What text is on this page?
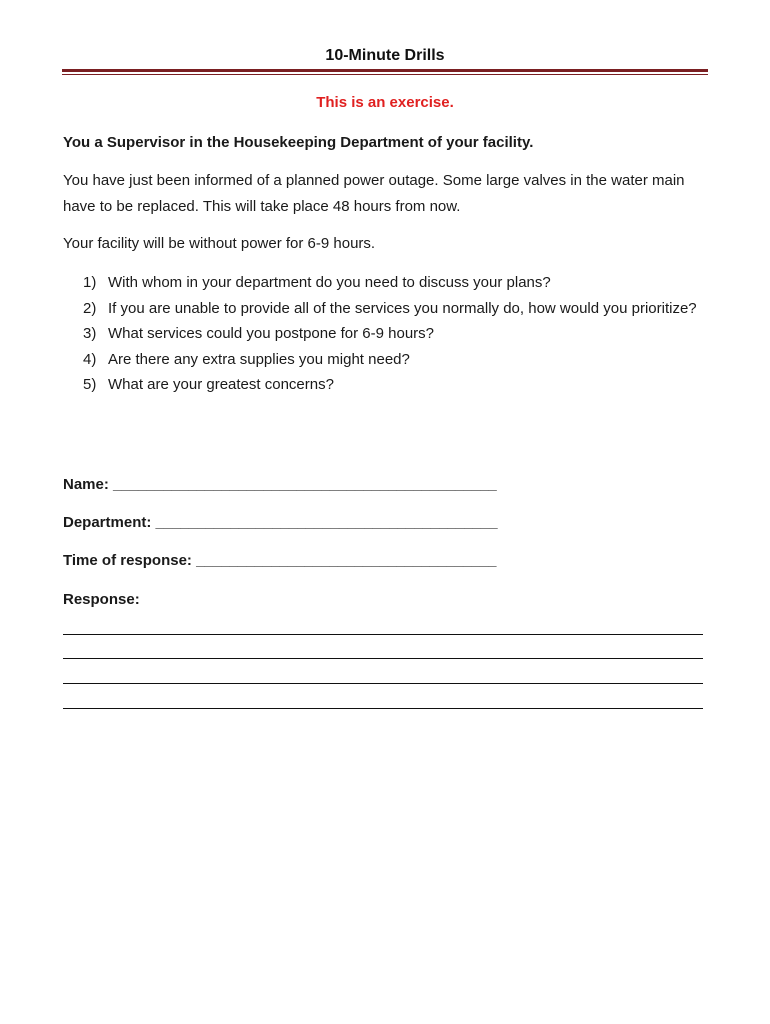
10-Minute Drills
This is an exercise.
You a Supervisor in the Housekeeping Department of your facility.
You have just been informed of a planned power outage. Some large valves in the water main have to be replaced. This will take place 48 hours from now.
Your facility will be without power for 6-9 hours.
1) With whom in your department do you need to discuss your plans?
2) If you are unable to provide all of the services you normally do, how would you prioritize?
3) What services could you postpone for 6-9 hours?
4) Are there any extra supplies you might need?
5) What are your greatest concerns?
Name: ______________________________________________
Department: _________________________________________
Time of response: ____________________________________
Response:
